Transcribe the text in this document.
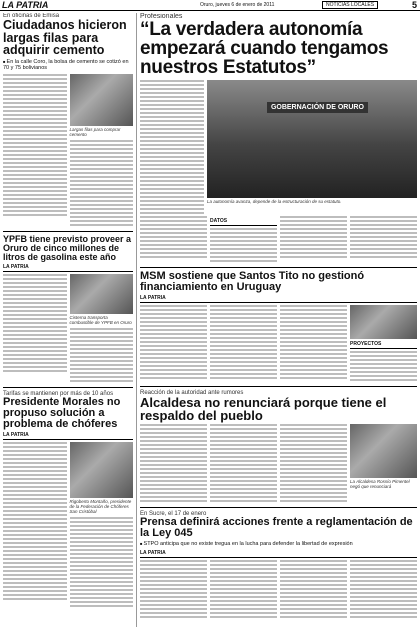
LA PATRIA	Oruro, jueves 6 de enero de 2011	NOTICIAS LOCALES	5
En oficinas de Emisa
Ciudadanos hicieron largas filas para adquirir cemento
■ En la calle Coro, la bolsa de cemento se cotizó en 70 y 75 bolivianos
Largas filas para comprar cemento
YPFB tiene previsto proveer a Oruro de cinco millones de litros de gasolina este año
LA PATRIA
Cisterna transporta combustible de YPFB en Oruro
Tarifas se mantienen por más de 10 años
Presidente Morales no propuso solución a problema de chóferes
LA PATRIA
Rigoberto Montaño, presidente de la Federación de Chóferes San Cristóbal
Profesionales
“La verdadera autonomía empezará cuando tengamos nuestros Estatutos”
GOBERNACIÓN DE ORURO
La autonomía avanza, depende de la estructuración de su estatuto.
DATOS
MSM sostiene que Santos Tito no gestionó financiamiento en Uruguay
LA PATRIA
PROYECTOS
Reacción de la autoridad ante rumores
Alcaldesa no renunciará porque tiene el respaldo del pueblo
La Alcaldesa Rossío Pimentel negó que renunciará
En Sucre, el 17 de enero
Prensa definirá acciones frente a reglamentación de la Ley 045
■ STPO anticipa que no existe tregua en la lucha para defender la libertad de expresión
LA PATRIA
